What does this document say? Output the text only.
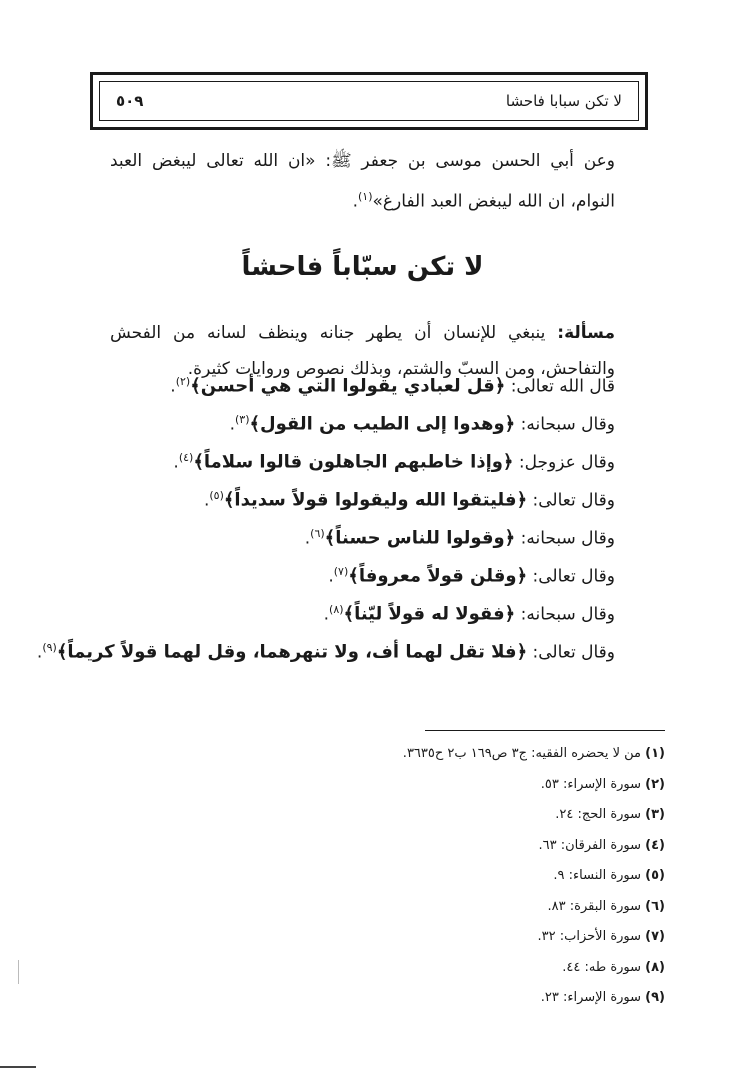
لا تكن سبابا فاحشا
٥٠٩
وعن أبي الحسن موسى بن جعفر ﷺ: «ان الله تعالى ليبغض العبد النوام، ان الله ليبغض العبد الفارغ»$^{(١)}$.
لا تكن سبّاباً فاحشاً
مسألة: ينبغي للإنسان أن يطهر جنانه وينظف لسانه من الفحش والتفاحش، ومن السبّ والشتم، وبذلك نصوص وروايات كثيرة.
قال الله تعالى: ﴿قل لعبادي يقولوا التي هي أحسن﴾$^{(٢)}$.
وقال سبحانه: ﴿وهدوا إلى الطيب من القول﴾$^{(٣)}$.
وقال عزوجل: ﴿وإذا خاطبهم الجاهلون قالوا سلاماً﴾$^{(٤)}$.
وقال تعالى: ﴿فليتقوا الله وليقولوا قولاً سديداً﴾$^{(٥)}$.
وقال سبحانه: ﴿وقولوا للناس حسناً﴾$^{(٦)}$.
وقال تعالى: ﴿وقلن قولاً معروفاً﴾$^{(٧)}$.
وقال سبحانه: ﴿فقولا له قولاً ليّناً﴾$^{(٨)}$.
وقال تعالى: ﴿فلا تقل لهما أف، ولا تنهرهما، وقل لهما قولاً كريماً﴾$^{(٩)}$.
(١) من لا يحضره الفقيه: ج٣ ص١٦٩ ب٢ ح٣٦٣٥.
(٢) سورة الإسراء: ٥٣.
(٣) سورة الحج: ٢٤.
(٤) سورة الفرقان: ٦٣.
(٥) سورة النساء: ٩.
(٦) سورة البقرة: ٨٣.
(٧) سورة الأحزاب: ٣٢.
(٨) سورة طه: ٤٤.
(٩) سورة الإسراء: ٢٣.
